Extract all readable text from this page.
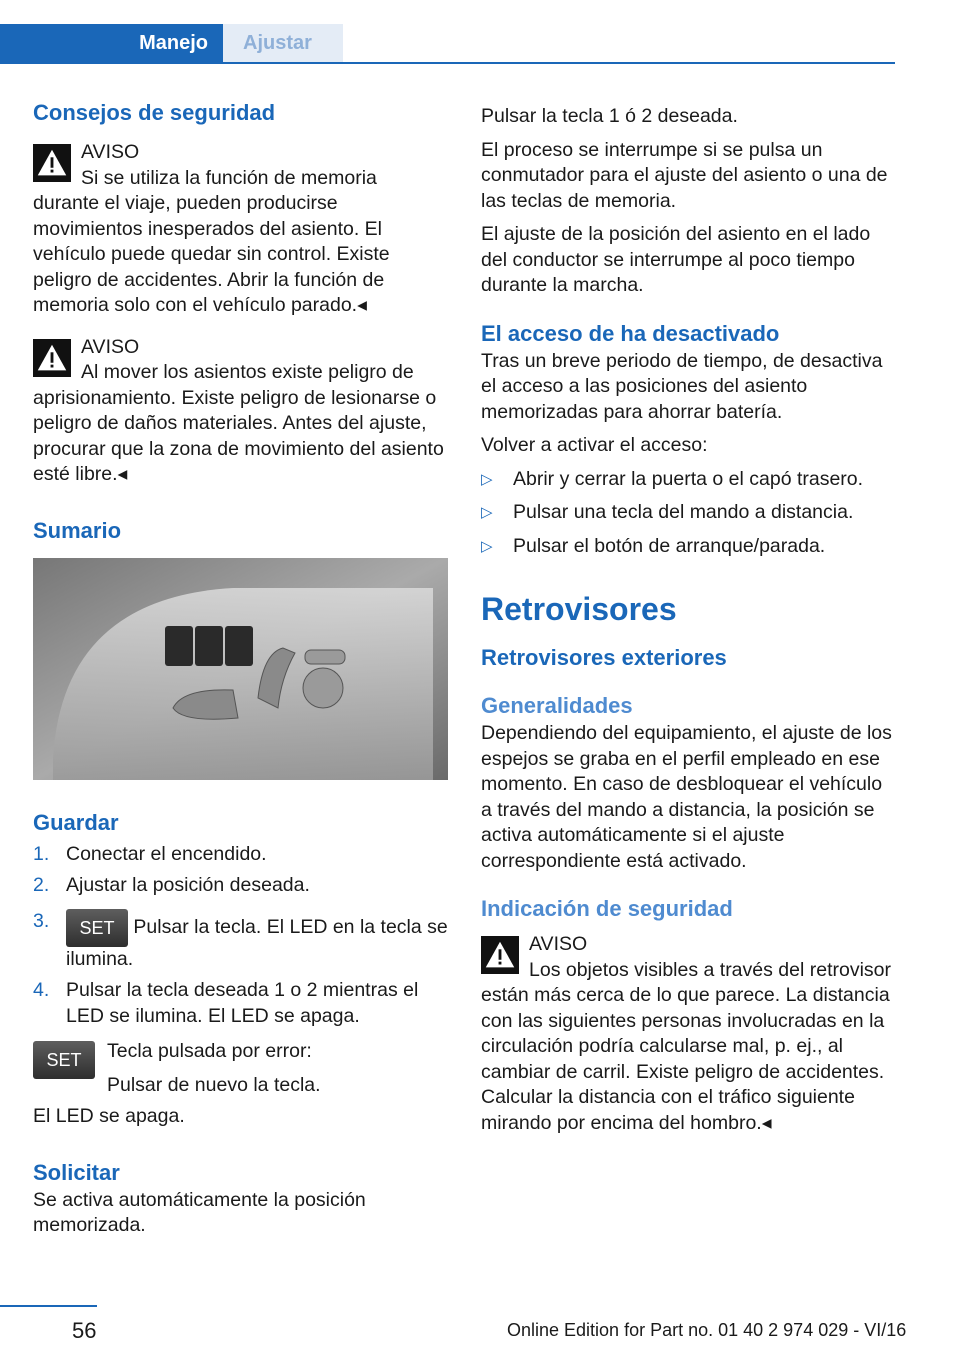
Manejo	Ajustar
Consejos de seguridad

AVISO

Si se utiliza la función de memoria durante el viaje, pueden producirse movimientos inesperados del asiento. El vehículo puede quedar sin control. Existe peligro de accidentes. Abrir la función de memoria solo con el vehículo parado.◂

AVISO

Al mover los asientos existe peligro de aprisionamiento. Existe peligro de lesionarse o peligro de daños materiales. Antes del ajuste, procurar que la zona de movimiento del asiento esté libre.◂

Sumario
Guardar
1. Conectar el encendido.
2. Ajustar la posición deseada.
3. SET Pulsar la tecla. El LED en la tecla se ilumina.
4. Pulsar la tecla deseada 1 o 2 mientras el LED se ilumina. El LED se apaga.
SET	Tecla pulsada por error:

Pulsar de nuevo la tecla.

El LED se apaga.

Solicitar

Se activa automáticamente la posición memorizada.

Pulsar la tecla 1 ó 2 deseada.

El proceso se interrumpe si se pulsa un conmutador para el ajuste del asiento o una de las teclas de memoria.

El ajuste de la posición del asiento en el lado del conductor se interrumpe al poco tiempo durante la marcha.

El acceso de ha desactivado

Tras un breve periodo de tiempo, de desactiva el acceso a las posiciones del asiento memorizadas para ahorrar batería.

Volver a activar el acceso:

▷ Abrir y cerrar la puerta o el capó trasero.
▷ Pulsar una tecla del mando a distancia.
▷ Pulsar el botón de arranque/parada.
Retrovisores
Retrovisores exteriores
Generalidades

Dependiendo del equipamiento, el ajuste de los espejos se graba en el perfil empleado en ese momento. En caso de desbloquear el vehículo a través del mando a distancia, la posición se activa automáticamente si el ajuste correspondiente está activado.

Indicación de seguridad

AVISO

Los objetos visibles a través del retrovisor están más cerca de lo que parece. La distancia con las siguientes personas involucradas en la circulación podría calcularse mal, p. ej., al cambiar de carril. Existe peligro de accidentes. Calcular la distancia con el tráfico siguiente mirando por encima del hombro.◂

56	Online Edition for Part no. 01 40 2 974 029 - VI/16
